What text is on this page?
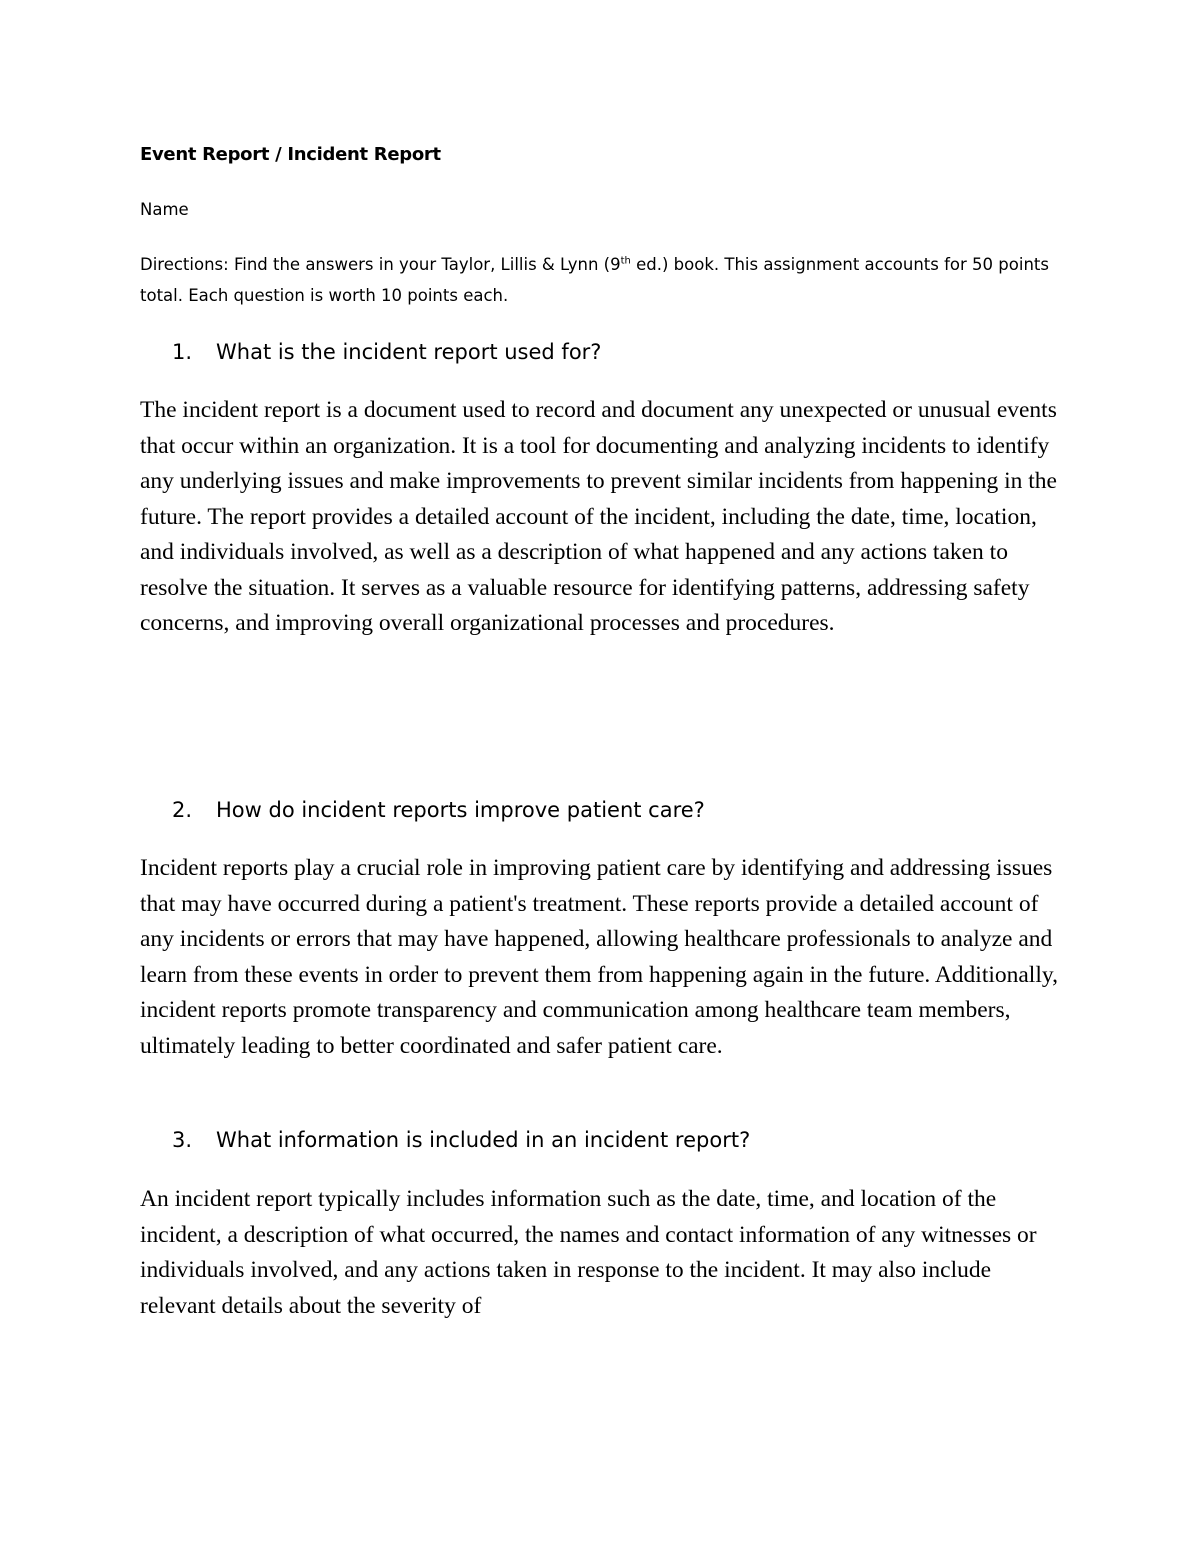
Event Report / Incident Report
Name
Directions: Find the answers in your Taylor, Lillis & Lynn (9th ed.) book. This assignment accounts for 50 points total. Each question is worth 10 points each.
1. What is the incident report used for?
The incident report is a document used to record and document any unexpected or unusual events that occur within an organization. It is a tool for documenting and analyzing incidents to identify any underlying issues and make improvements to prevent similar incidents from happening in the future. The report provides a detailed account of the incident, including the date, time, location, and individuals involved, as well as a description of what happened and any actions taken to resolve the situation. It serves as a valuable resource for identifying patterns, addressing safety concerns, and improving overall organizational processes and procedures.
2. How do incident reports improve patient care?
Incident reports play a crucial role in improving patient care by identifying and addressing issues that may have occurred during a patient's treatment. These reports provide a detailed account of any incidents or errors that may have happened, allowing healthcare professionals to analyze and learn from these events in order to prevent them from happening again in the future. Additionally, incident reports promote transparency and communication among healthcare team members, ultimately leading to better coordinated and safer patient care.
3. What information is included in an incident report?
An incident report typically includes information such as the date, time, and location of the incident, a description of what occurred, the names and contact information of any witnesses or individuals involved, and any actions taken in response to the incident. It may also include relevant details about the severity of
